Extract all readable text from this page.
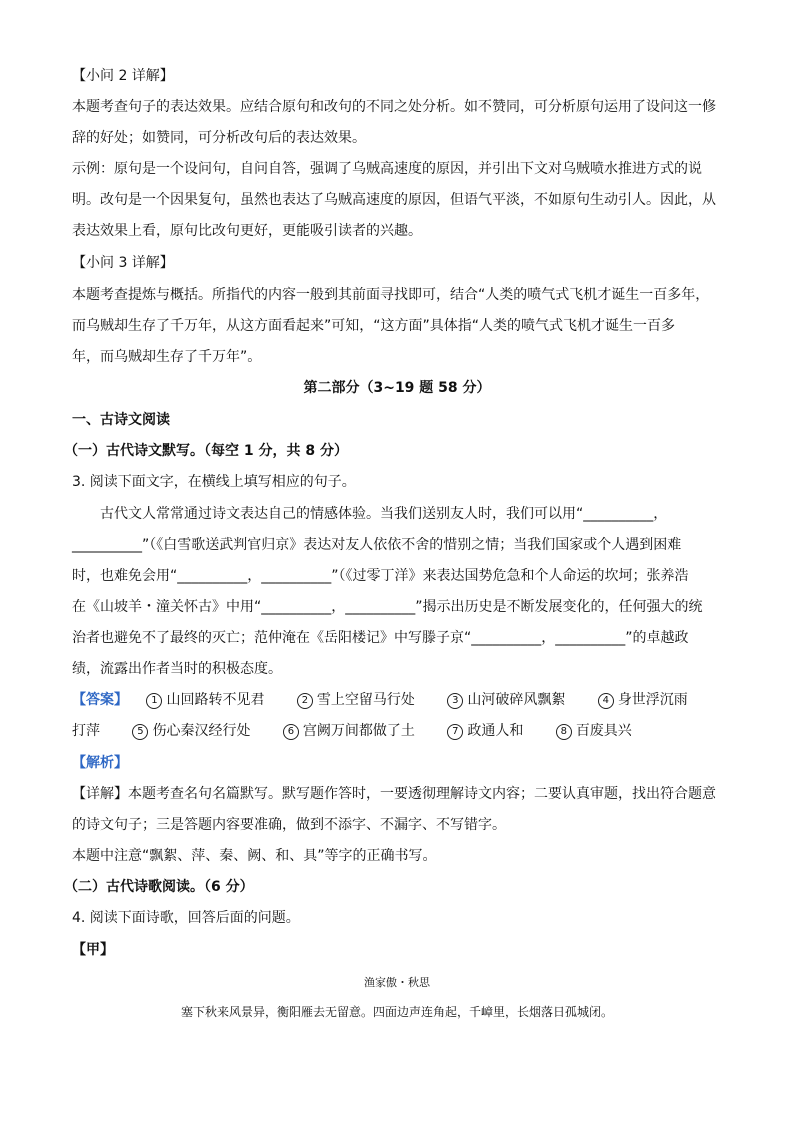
【小问 2 详解】
本题考查句子的表达效果。应结合原句和改句的不同之处分析。如不赞同，可分析原句运用了设问这一修
辞的好处；如赞同，可分析改句后的表达效果。
示例：原句是一个设问句，自问自答，强调了乌贼高速度的原因，并引出下文对乌贼喷水推进方式的说
明。改句是一个因果复句，虽然也表达了乌贼高速度的原因，但语气平淡，不如原句生动引人。因此，从
表达效果上看，原句比改句更好，更能吸引读者的兴趣。
【小问 3 详解】
本题考查提炼与概括。所指代的内容一般到其前面寻找即可，结合“人类的喷气式飞机才诞生一百多年，
而乌贼却生存了千万年，从这方面看起来”可知，“这方面”具体指“人类的喷气式飞机才诞生一百多
年，而乌贼却生存了千万年”。
第二部分（3~19 题 58 分）
一、古诗文阅读
（一）古代诗文默写。（每空 1 分，共 8 分）
3. 阅读下面文字，在横线上填写相应的句子。
古代文人常常通过诗文表达自己的情感体验。当我们送别友人时，我们可以用“__________，
__________”（《白雪歌送武判官归京》表达对友人依依不舍的惜别之情；当我们国家或个人遇到困难
时，也难免会用“__________，__________”（《过零丁洋》来表达国势危急和个人命运的坎坷；张养浩
在《山坡羊・潼关怀古》中用“__________，__________”揭示出历史是不断发展变化的，任何强大的统
治者也避免不了最终的灭亡；范仲淹在《岳阳楼记》中写滕子京“__________，__________”的卓越政
绩，流露出作者当时的积极态度。
【答案】 1 山回路转不见君	2 雪上空留马行处	3 山河破碎风飘絮	4 身世浮沉雨
打萍	5 伤心秦汉经行处	6 宫阙万间都做了土	7 政通人和	8 百废具兴
【解析】
【详解】本题考查名句名篇默写。默写题作答时，一要透彻理解诗文内容；二要认真审题，找出符合题意
的诗文句子；三是答题内容要准确，做到不添字、不漏字、不写错字。
本题中注意“飘絮、萍、秦、阙、和、具”等字的正确书写。
（二）古代诗歌阅读。（6 分）
4. 阅读下面诗歌，回答后面的问题。
【甲】
渔家傲・秋思
塞下秋来风景异，衡阳雁去无留意。四面边声连角起，千嶂里，长烟落日孤城闭。
